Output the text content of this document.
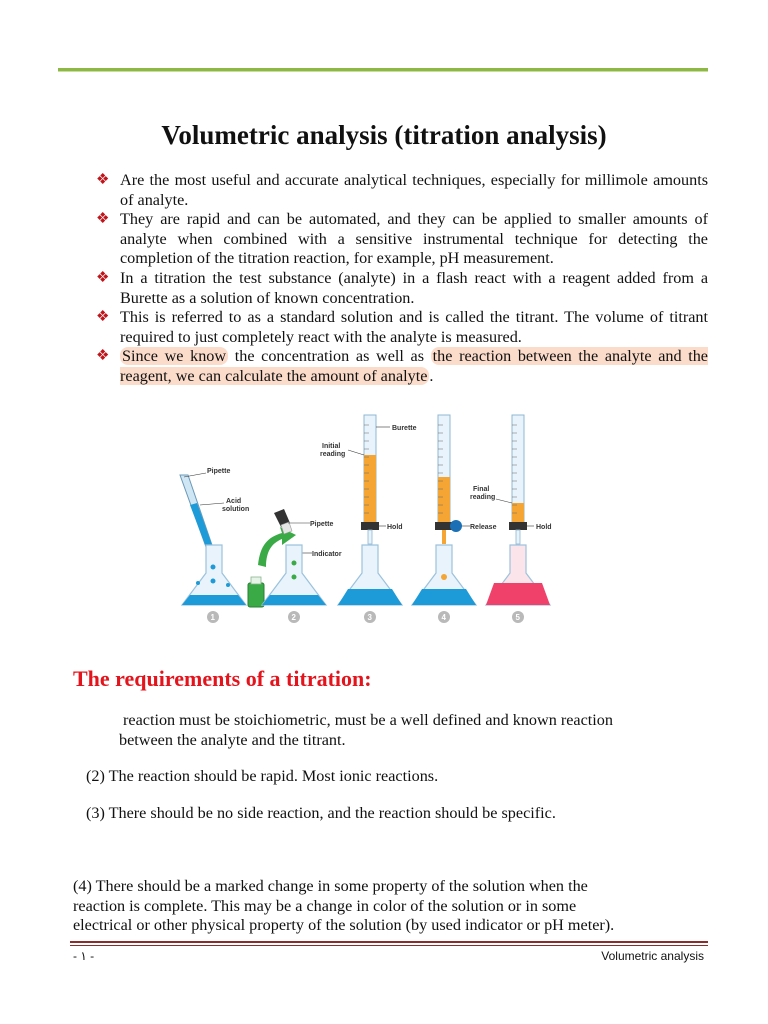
Volumetric analysis (titration analysis)
❖ Are the most useful and accurate analytical techniques, especially for millimole amounts of analyte.
❖ They are rapid and can be automated, and they can be applied to smaller amounts of analyte when combined with a sensitive instrumental technique for detecting the completion of the titration reaction, for example, pH measurement.
❖ In a titration the test substance (analyte) in a flash react with a reagent added from a Burette as a solution of known concentration.
❖ This is referred to as a standard solution and is called the titrant. The volume of titrant required to just completely react with the analyte is measured.
❖ Since we know the concentration as well as the reaction between the analyte and the reagent, we can calculate the amount of analyte .
Pipette
Acid
solution
1
Pipette
Indicator
2
Burette
Initial
reading
Hold
3
Release
4
Final
reading
Hold
5
The requirements of a titration:
reaction must be stoichiometric, must be a well defined and known reaction
between the analyte and the titrant.
(2) The reaction should be rapid. Most ionic reactions.
(3) There should be no side reaction, and the reaction should be specific.
(4) There should be a marked change in some property of the solution when the
reaction is complete. This may be a change in color of the solution or in some
electrical or other physical property of the solution (by used indicator or pH meter).
- ١ -	Volumetric analysis
